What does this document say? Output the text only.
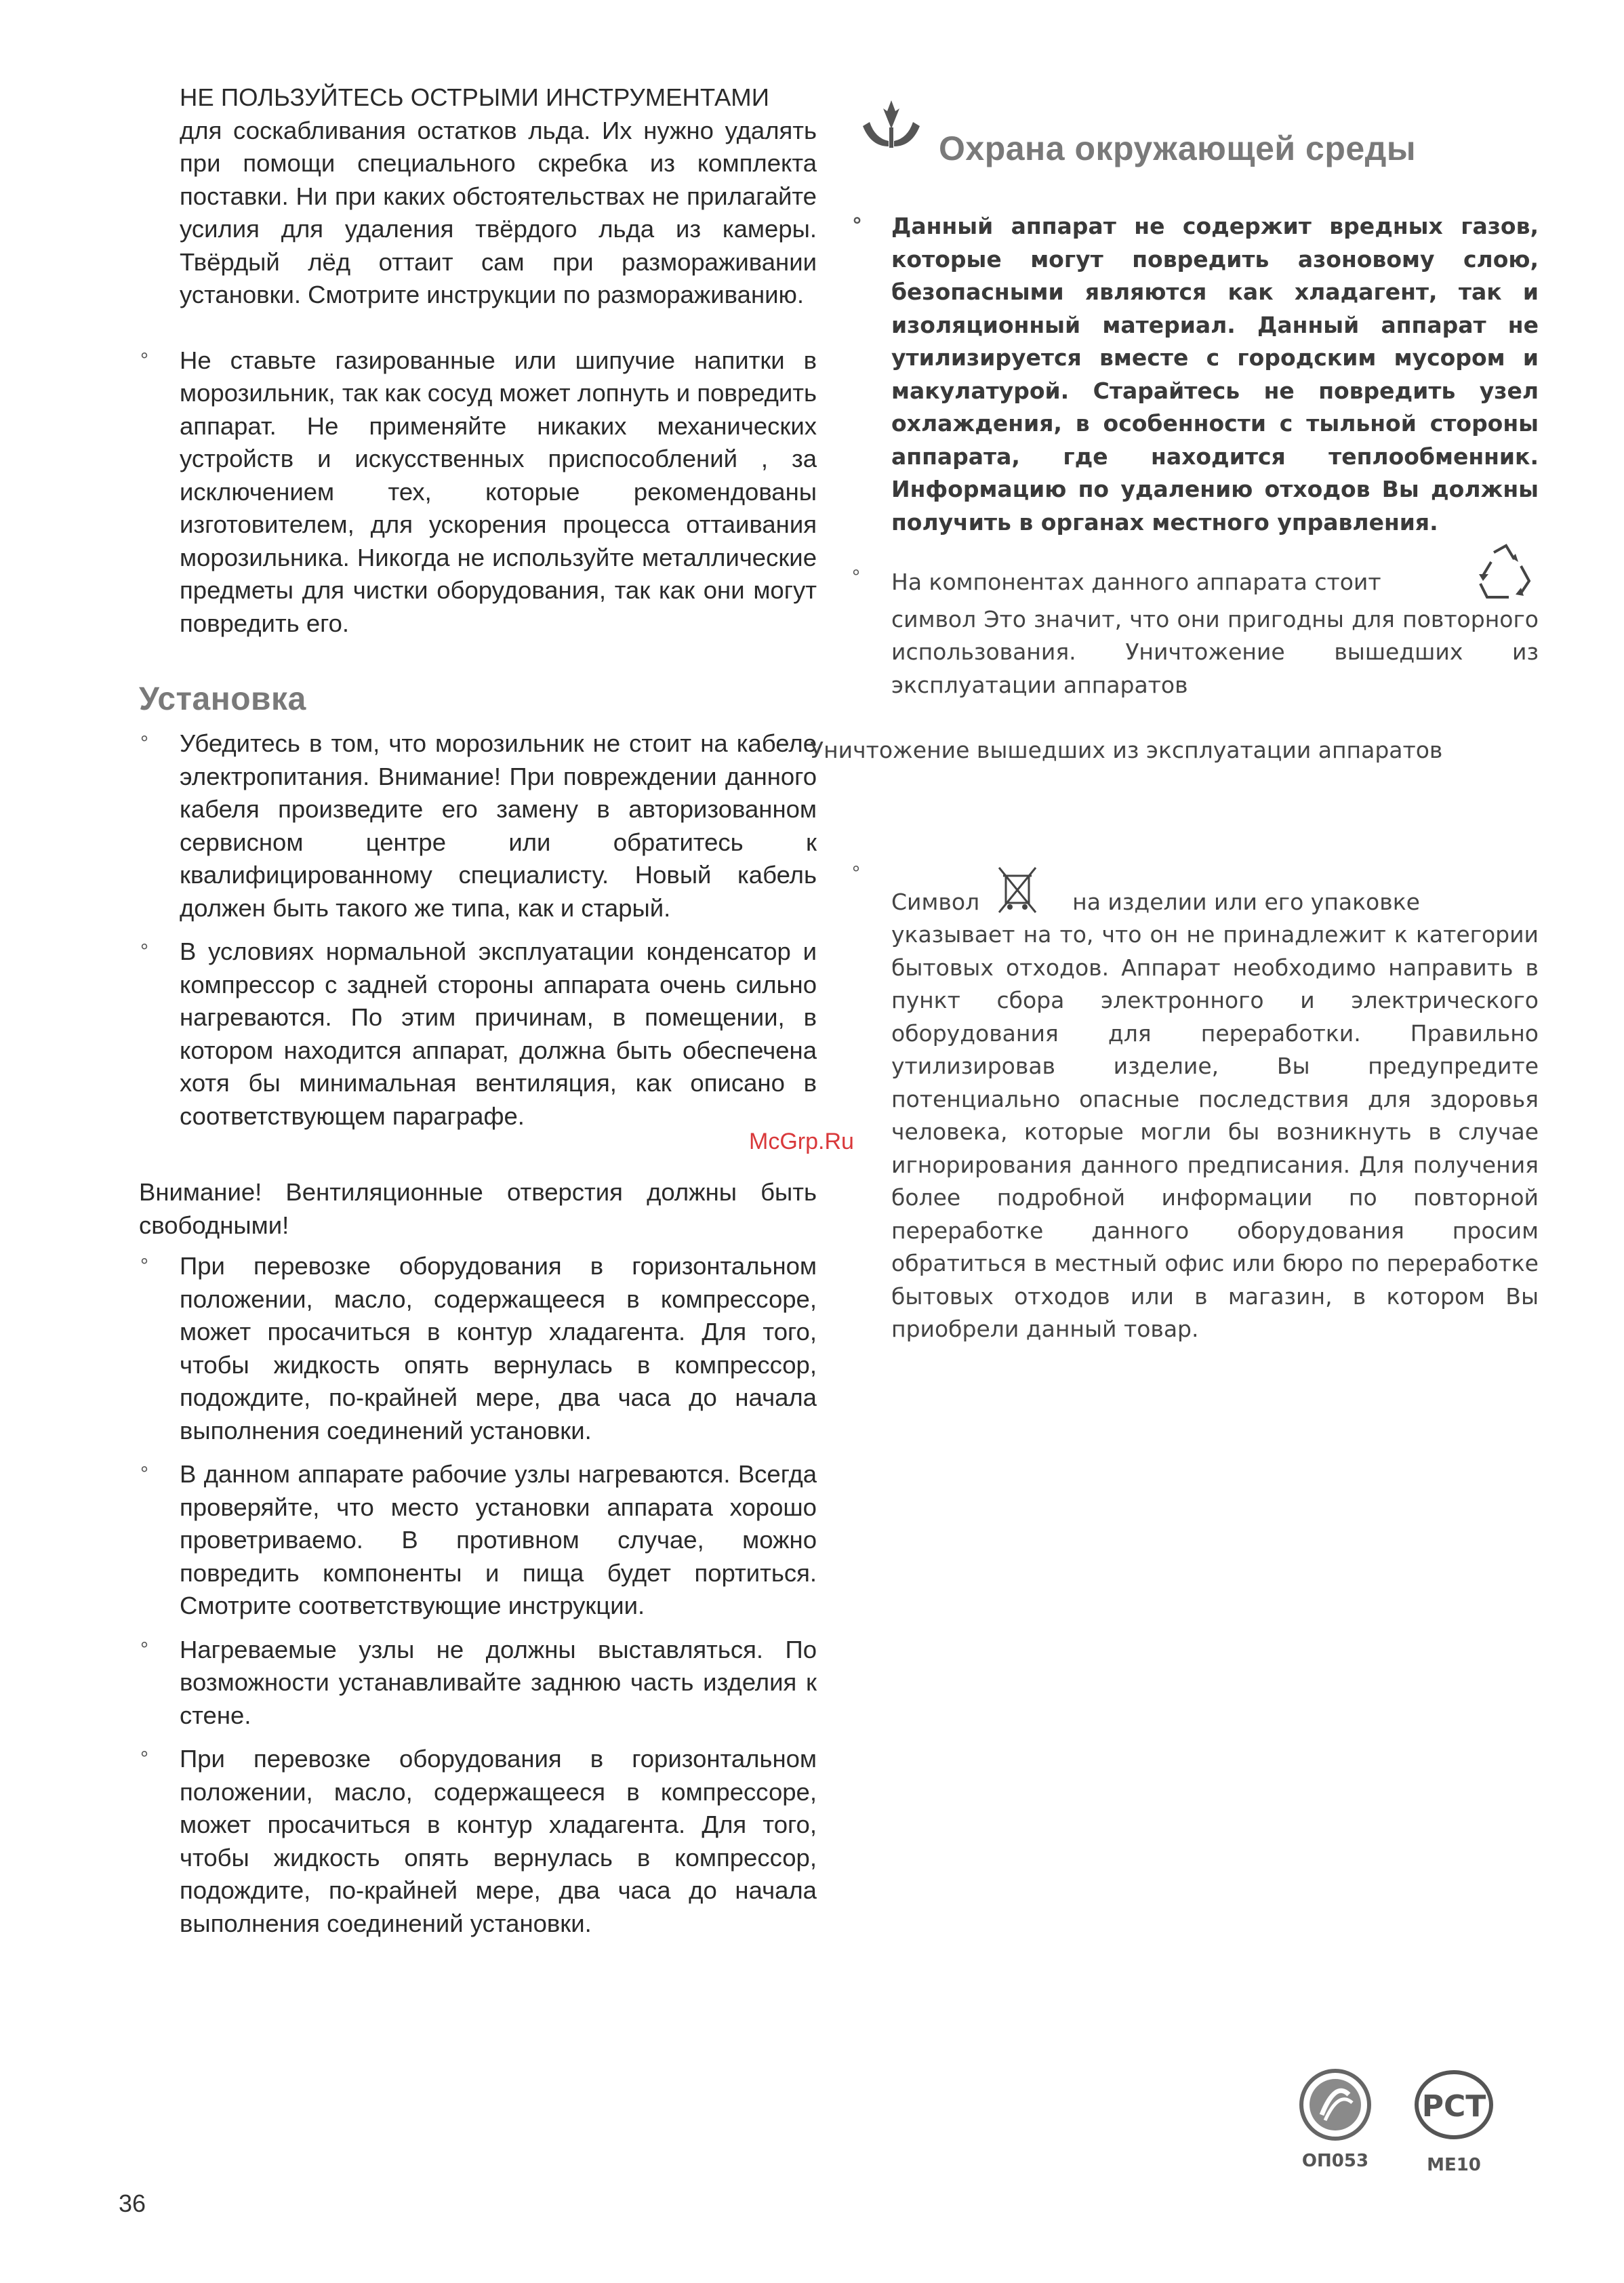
НЕ ПОЛЬЗУЙТЕСЬ ОСТРЫМИ ИНСТРУМЕНТАМИ

для соскабливания остатков льда. Их нужно удалять при помощи специального скребка из комплекта поставки. Ни при каких обстоятельствах не прилагайте усилия для удаления твёрдого льда из камеры. Твёрдый лёд оттаит сам при размораживании установки. Смотрите инструкции по размораживанию.

° Не ставьте газированные или шипучие напитки в морозильник, так как сосуд может лопнуть и повредить аппарат. Не применяйте никаких механических устройств и искусственных приспособлений , за исключением тех, которые рекомендованы изготовителем, для ускорения процесса оттаивания морозильника. Никогда не используйте металлические предметы для чистки оборудования, так как они могут повредить его.

Установка

° Убедитесь в том, что морозильник не стоит на кабеле электропитания. Внимание! При повреждении данного кабеля произведите его замену в авторизованном сервисном центре или обратитесь к квалифицированному специалисту. Новый кабель должен быть такого же типа, как и старый.

° В условиях нормальной эксплуатации конденсатор и компрессор с задней стороны аппарата очень сильно нагреваются. По этим причинам, в помещении, в котором находится аппарат, должна быть обеспечена хотя бы минимальная вентиляция, как описано в соответствующем параграфе.

Внимание! Вентиляционные отверстия должны быть свободными!

° При перевозке оборудования в горизонтальном положении, масло, содержащееся в компрессоре, может просачиться в контур хладагента. Для того, чтобы жидкость опять вернулась в компрессор, подождите, по-крайней мере, два часа до начала выполнения соединений установки.

° В данном аппарате рабочие узлы нагреваются. Всегда проверяйте, что место установки аппарата хорошо проветриваемо. В противном случае, можно повредить компоненты и пища будет портиться. Смотрите соответствующие инструкции.

° Нагреваемые узлы не должны выставляться. По возможности устанавливайте заднюю часть изделия к стене.

° При перевозке оборудования в горизонтальном положении, масло, содержащееся в компрессоре, может просачиться в контур хладагента. Для того, чтобы жидкость опять вернулась в компрессор, подождите, по-крайней мере, два часа до начала выполнения соединений установки.

Охрана окружающей среды

° Данный аппарат не содержит вредных газов, которые могут повредить азоновому слою, безопасными являются как хладагент, так и изоляционный материал. Данный аппарат не утилизируется вместе с городским мусором и макулатурой. Старайтесь не повредить узел охлаждения, в особенности с тыльной стороны аппарата, где находится теплообменник. Информацию по удалению отходов Вы должны получить в органах местного управления.

° На компонентах данного аппарата стоит

символ Это значит, что они пригодны для повторного использования. Уничтожение вышедших из эксплуатации аппаратов

Уничтожение вышедших из эксплуатации аппаратов

° Символ	на изделии или его упаковке

указывает на то, что он не принадлежит к категории бытовых отходов. Аппарат необходимо направить в пункт сбора электронного и электрического оборудования для переработки. Правильно утилизировав изделие, Вы предупредите потенциально опасные последствия для здоровья человека, которые могли бы возникнуть в случае игнорирования данного предписания. Для получения более подробной информации по повторной переработке данного оборудования просим обратиться в местный офис или бюро по переработке бытовых отходов или в магазин, в котором Вы приобрели данный товар.

McGrp.Ru
ОП053
РСТ
МЕ10
36
